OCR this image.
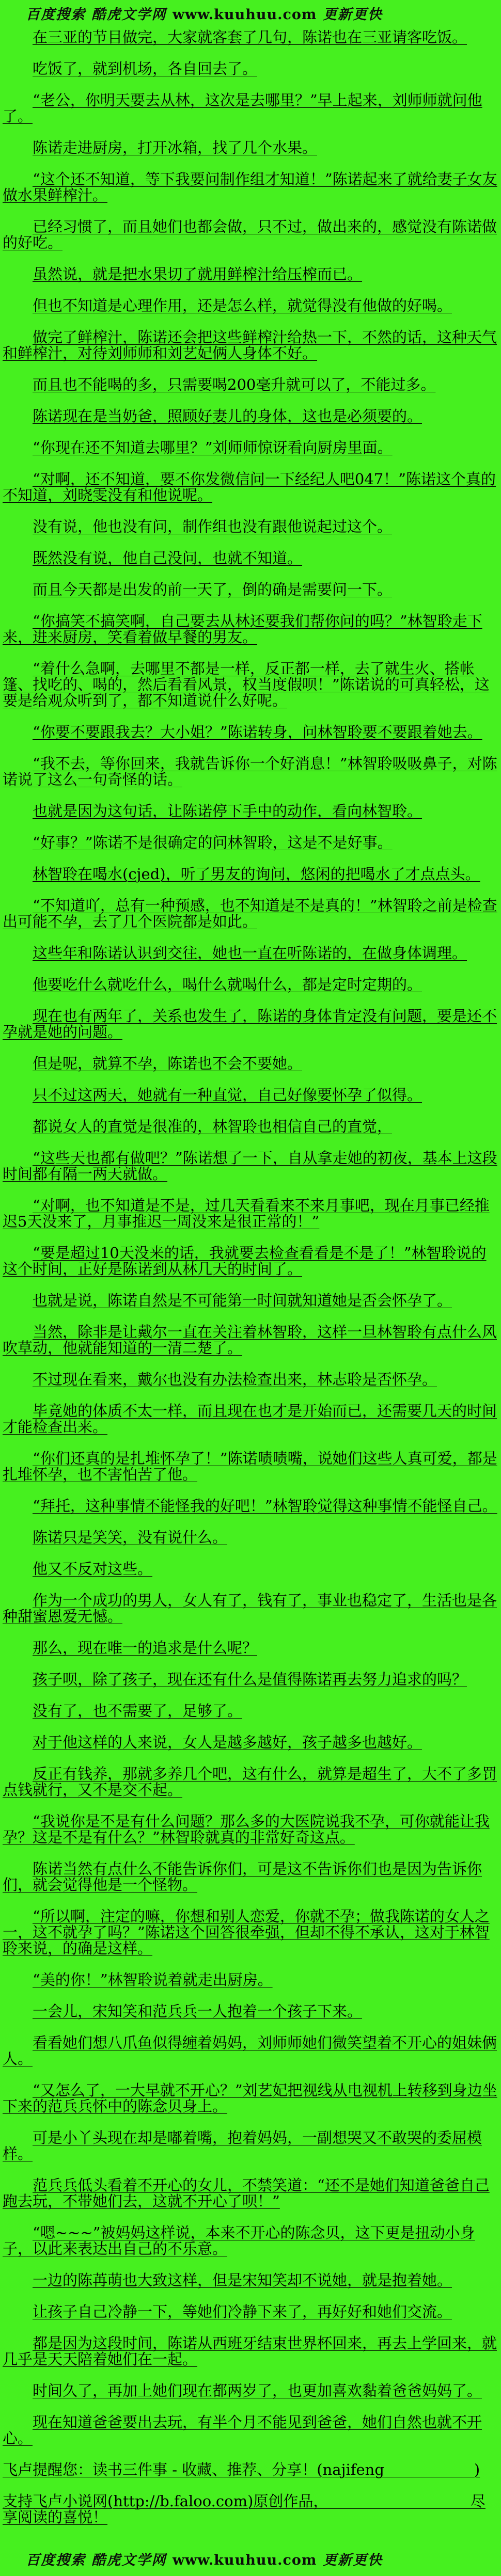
百度搜索 酷虎文学网 www.kuuhuu.com 更新更快

在三亚的节目做完，大家就客套了几句，陈诺也在三亚请客吃饭。

吃饭了，就到机场，各自回去了。

“老公，你明天要去从林，这次是去哪里？”早上起来，刘师师就问他了。

陈诺走进厨房，打开冰箱，找了几个水果。

“这个还不知道，等下我要问制作组才知道！”陈诺起来了就给妻子女友做水果鲜榨汁。

已经习惯了，而且她们也都会做，只不过，做出来的，感觉没有陈诺做的好吃。

虽然说，就是把水果切了就用鲜榨汁给压榨而已。

但也不知道是心理作用，还是怎么样，就觉得没有他做的好喝。

做完了鲜榨汁，陈诺还会把这些鲜榨汁给热一下，不然的话，这种天气和鲜榨汁，对待刘师师和刘艺妃俩人身体不好。

而且也不能喝的多，只需要喝200毫升就可以了，不能过多。

陈诺现在是当奶爸，照顾好妻儿的身体，这也是必须要的。

“你现在还不知道去哪里？”刘师师惊讶看向厨房里面。

“对啊，还不知道，要不你发微信问一下经纪人吧047！”陈诺这个真的不知道，刘晓雯没有和他说呢。

没有说，他也没有问，制作组也没有跟他说起过这个。

既然没有说，他自己没问，也就不知道。

而且今天都是出发的前一天了，倒的确是需要问一下。

“你搞笑不搞笑啊，自己要去从林还要我们帮你问的吗？”林智聆走下来，进来厨房，笑看着做早餐的男友。

“着什么急啊，去哪里不都是一样，反正都一样，去了就生火、搭帐篷、找吃的、喝的，然后看看风景，权当度假呗！”陈诺说的可真轻松，这要是给观众听到了，都不知道说什么好呢。

“你要不要跟我去？大小姐？”陈诺转身，问林智聆要不要跟着她去。

“我不去，等你回来，我就告诉你一个好消息！”林智聆吸吸鼻子，对陈诺说了这么一句奇怪的话。

也就是因为这句话，让陈诺停下手中的动作，看向林智聆。

“好事？”陈诺不是很确定的问林智聆，这是不是好事。

林智聆在喝水(cjed)，听了男友的询问，悠闲的把喝水了才点点头。

“不知道吖，总有一种预感，也不知道是不是真的！”林智聆之前是检查出可能不孕，去了几个医院都是如此。

这些年和陈诺认识到交往，她也一直在听陈诺的，在做身体调理。

他要吃什么就吃什么，喝什么就喝什么，都是定时定期的。

现在也有两年了，关系也发生了，陈诺的身体肯定没有问题，要是还不孕就是她的问题。

但是呢，就算不孕，陈诺也不会不要她。

只不过这两天，她就有一种直觉，自己好像要怀孕了似得。

都说女人的直觉是很准的，林智聆也相信自己的直觉，

“这些天也都有做吧？”陈诺想了一下，自从拿走她的初夜，基本上这段时间都有隔一两天就做。

“对啊，也不知道是不是，过几天看看来不来月事吧，现在月事已经推迟5天没来了，月事推迟一周没来是很正常的！”

“要是超过10天没来的话，我就要去检查看看是不是了！”林智聆说的这个时间，正好是陈诺到从林几天的时间了。

也就是说，陈诺自然是不可能第一时间就知道她是否会怀孕了。

当然，除非是让戴尔一直在关注着林智聆，这样一旦林智聆有点什么风吹草动，他就能知道的一清二楚了。

不过现在看来，戴尔也没有办法检查出来，林志聆是否怀孕。

毕竟她的体质不太一样，而且现在也才是开始而已，还需要几天的时间才能检查出来。

“你们还真的是扎堆怀孕了！”陈诺啧啧嘴，说她们这些人真可爱，都是扎堆怀孕，也不害怕苦了他。

“拜托，这种事情不能怪我的好吧！”林智聆觉得这种事情不能怪自己。

陈诺只是笑笑，没有说什么。

他又不反对这些。

作为一个成功的男人，女人有了，钱有了，事业也稳定了，生活也是各种甜蜜恩爱无憾。

那么，现在唯一的追求是什么呢？

孩子呗，除了孩子，现在还有什么是值得陈诺再去努力追求的吗？

没有了，也不需要了，足够了。

对于他这样的人来说，女人是越多越好，孩子越多也越好。

反正有钱养，那就多养几个吧，这有什么，就算是超生了，大不了多罚点钱就行，又不是交不起。

“我说你是不是有什么问题？那么多的大医院说我不孕，可你就能让我孕？这是不是有什么？”林智聆就真的非常好奇这点。

陈诺当然有点什么不能告诉你们，可是这不告诉你们也是因为告诉你们，就会觉得他是一个怪物。

“所以啊，注定的嘛，你想和别人恋爱，你就不孕；做我陈诺的女人之一，这不就孕了吗？”陈诺这个回答很牵强，但却不得不承认，这对于林智聆来说，的确是这样。

“美的你！”林智聆说着就走出厨房。

一会儿，宋知笑和范兵兵一人抱着一个孩子下来。

看看她们想八爪鱼似得缠着妈妈，刘师师她们微笑望着不开心的姐妹俩人。

“又怎么了，一大早就不开心？”刘艺妃把视线从电视机上转移到身边坐下来的范兵兵怀中的陈念贝身上。

可是小丫头现在却是嘟着嘴，抱着妈妈，一副想哭又不敢哭的委屈模样。

范兵兵低头看着不开心的女儿，不禁笑道：“还不是她们知道爸爸自己跑去玩，不带她们去，这就不开心了呗！”

“嗯~~~”被妈妈这样说，本来不开心的陈念贝，这下更是扭动小身子，以此来表达出自己的不乐意。

一边的陈苒萌也大致这样，但是宋知笑却不说她，就是抱着她。

让孩子自己冷静一下，等她们冷静下来了，再好好和她们交流。

都是因为这段时间，陈诺从西班牙结束世界杯回来，再去上学回来，就几乎是天天陪着她们在一起。

时间久了，再加上她们现在都两岁了，也更加喜欢黏着爸爸妈妈了。

现在知道爸爸要出去玩，有半个月不能见到爸爸，她们自然也就不开心。

飞卢提醒您：读书三件事 - 收藏、推荐、分享！(najifeng　　　　　　)

支持飞卢小说网(http://b.faloo.com)原创作品，　　　　　　　　　　尽享阅读的喜悦！

百度搜索 酷虎文学网 www.kuuhuu.com 更新更快
